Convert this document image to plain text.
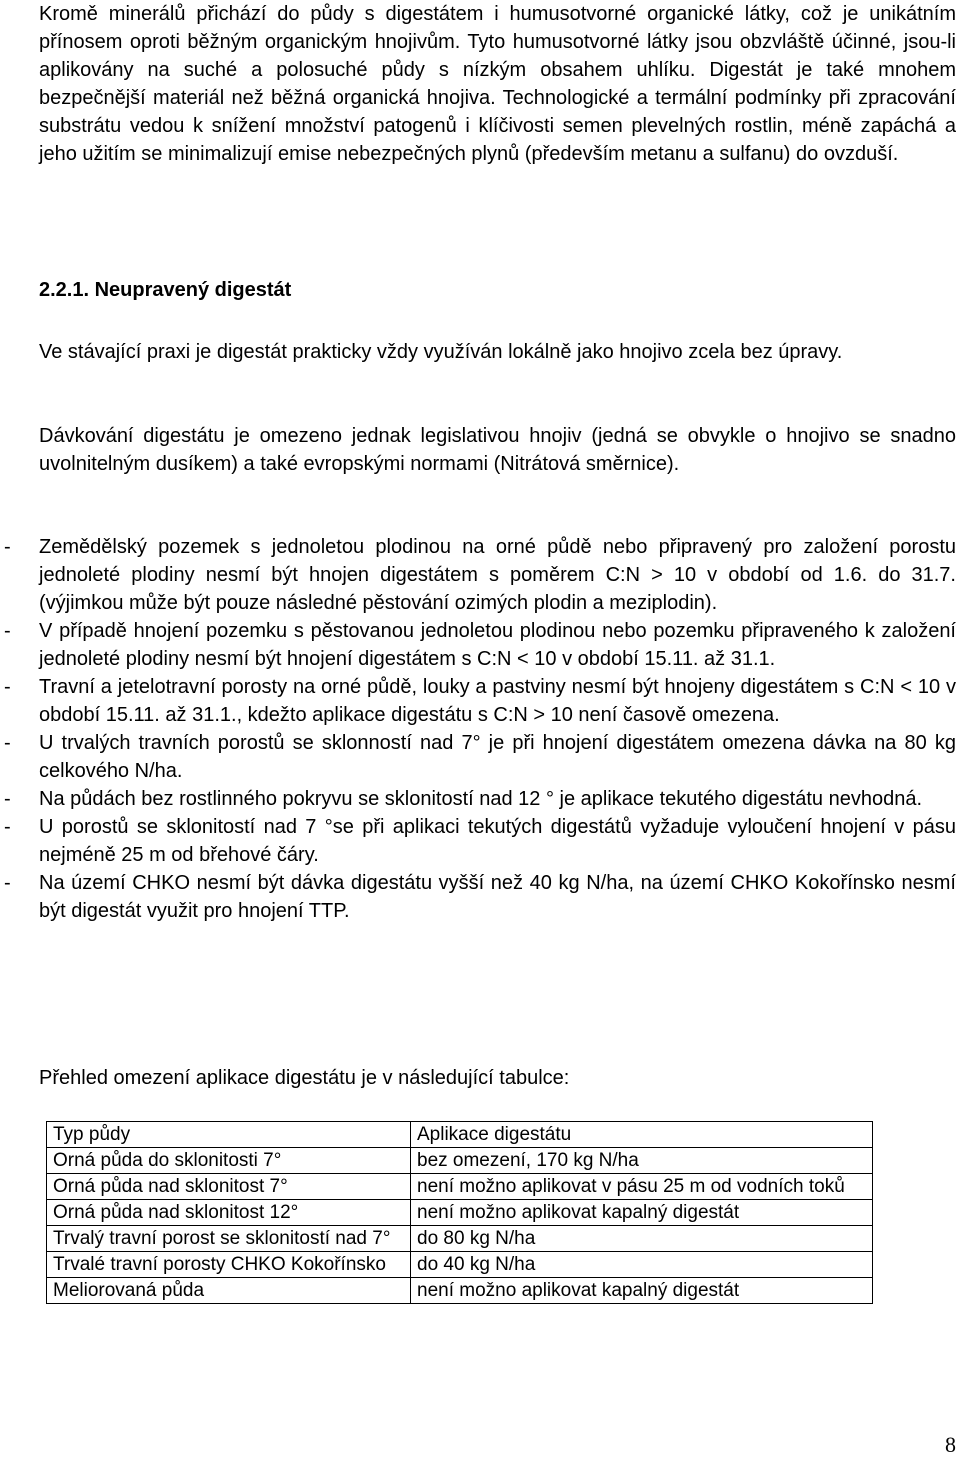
Kromě minerálů přichází do půdy s digestátem i humusotvorné organické látky, což je unikátním přínosem oproti běžným organickým hnojivům. Tyto humusotvorné látky jsou obzvláště účinné, jsou-li aplikovány na suché a polosuché půdy s nízkým obsahem uhlíku. Digestát je také mnohem bezpečnější materiál než běžná organická hnojiva. Technologické a termální podmínky při zpracování substrátu vedou k snížení množství patogenů i klíčivosti semen plevelných rostlin, méně zapáchá a jeho užitím se minimalizují emise nebezpečných plynů (především metanu a sulfanu) do ovzduší.

2.2.1. Neupravený digestát

Ve stávající praxi je digestát prakticky vždy využíván lokálně jako hnojivo zcela bez úpravy.

Dávkování digestátu je omezeno jednak legislativou hnojiv (jedná se obvykle o hnojivo se snadno uvolnitelným dusíkem) a také evropskými normami (Nitrátová směrnice).

- Zemědělský pozemek s jednoletou plodinou na orné půdě nebo připravený pro založení porostu jednoleté plodiny nesmí být hnojen digestátem s poměrem C:N > 10 v období od 1.6. do 31.7. (výjimkou může být pouze následné pěstování ozimých plodin a meziplodin).
- V případě hnojení pozemku s pěstovanou jednoletou plodinou nebo pozemku připraveného k založení jednoleté plodiny nesmí být hnojení digestátem s C:N < 10 v období 15.11. až 31.1.
- Travní a jetelotravní porosty na orné půdě, louky a pastviny nesmí být hnojeny digestátem s C:N < 10 v období 15.11. až 31.1., kdežto aplikace digestátu s C:N > 10 není časově omezena.
- U trvalých travních porostů se sklonností nad 7° je při hnojení digestátem omezena dávka na 80 kg celkového N/ha.
- Na půdách bez rostlinného pokryvu se sklonitostí nad 12 ° je aplikace tekutého digestátu nevhodná.
- U porostů se sklonitostí nad 7 °se při aplikaci tekutých digestátů vyžaduje vyloučení hnojení v pásu nejméně 25 m od břehové čáry.
- Na území CHKO nesmí být dávka digestátu vyšší než 40 kg N/ha, na území CHKO Kokořínsko nesmí být digestát využit pro hnojení TTP.
Přehled omezení aplikace digestátu je v následující tabulce:
Typ půdy	Aplikace digestátu
Orná půda do sklonitosti 7°	bez omezení, 170 kg N/ha
Orná půda nad sklonitost 7°	není možno aplikovat v pásu 25 m od vodních toků
Orná půda nad sklonitost 12°	není možno aplikovat kapalný digestát
Trvalý travní porost se sklonitostí nad 7°	do 80 kg N/ha
Trvalé travní porosty CHKO Kokořínsko	do 40 kg N/ha
Meliorovaná půda	není možno aplikovat kapalný digestát
8
